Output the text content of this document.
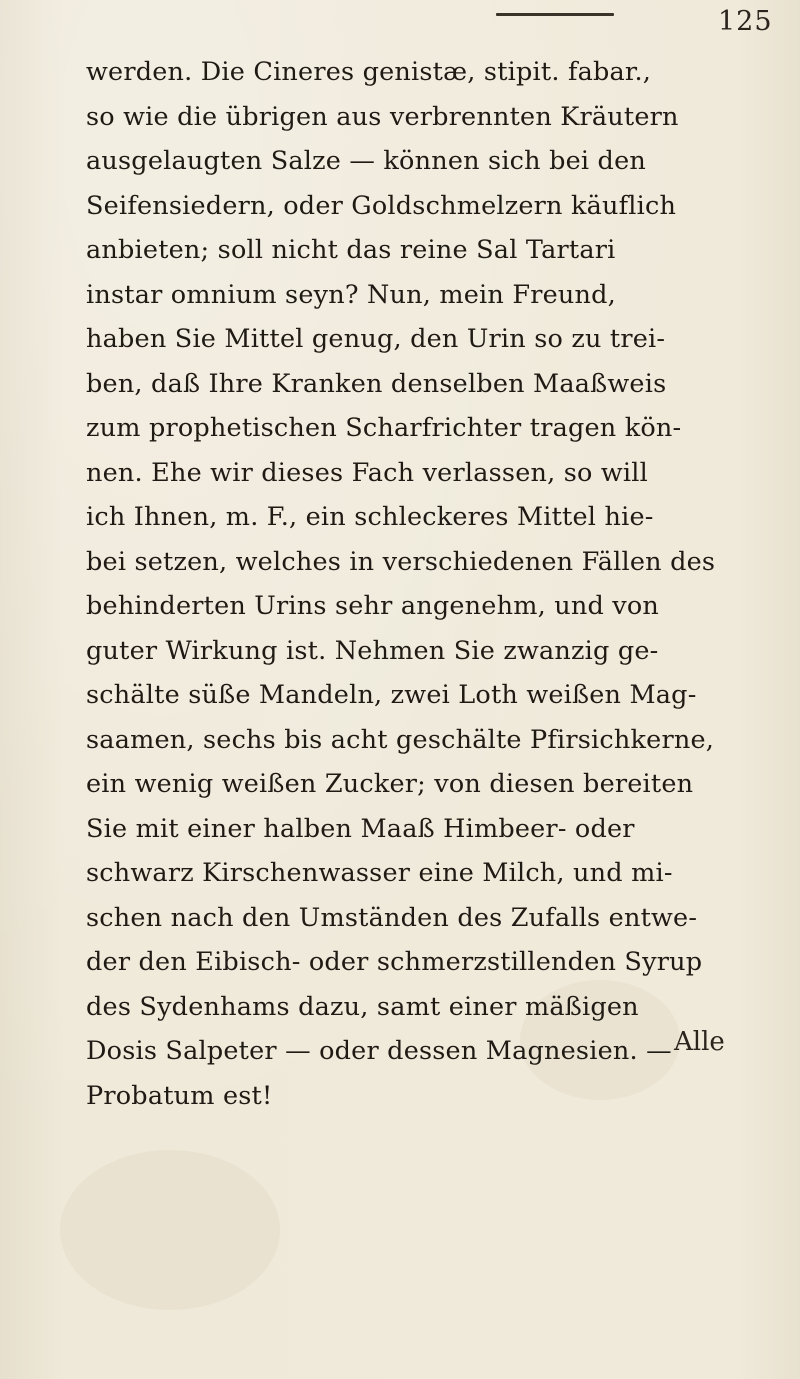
125
werden. Die Cineres genistæ, stipit. fabar.,
so wie die übrigen aus verbrennten Kräutern
ausgelaugten Salze — können sich bei den
Seifensiedern, oder Goldschmelzern käuflich
anbieten; soll nicht das reine Sal Tartari
instar omnium seyn? Nun, mein Freund,
haben Sie Mittel genug, den Urin so zu trei-
ben, daß Ihre Kranken denselben Maaßweis
zum prophetischen Scharfrichter tragen kön-
nen. Ehe wir dieses Fach verlassen, so will
ich Ihnen, m. F., ein schleckeres Mittel hie-
bei setzen, welches in verschiedenen Fällen des
behinderten Urins sehr angenehm, und von
guter Wirkung ist. Nehmen Sie zwanzig ge-
schälte süße Mandeln, zwei Loth weißen Mag-
saamen, sechs bis acht geschälte Pfirsichkerne,
ein wenig weißen Zucker; von diesen bereiten
Sie mit einer halben Maaß Himbeer- oder
schwarz Kirschenwasser eine Milch, und mi-
schen nach den Umständen des Zufalls entwe-
der den Eibisch- oder schmerzstillenden Syrup
des Sydenhams dazu, samt einer mäßigen
Dosis Salpeter — oder dessen Magnesien. —
Probatum est!
Alle
